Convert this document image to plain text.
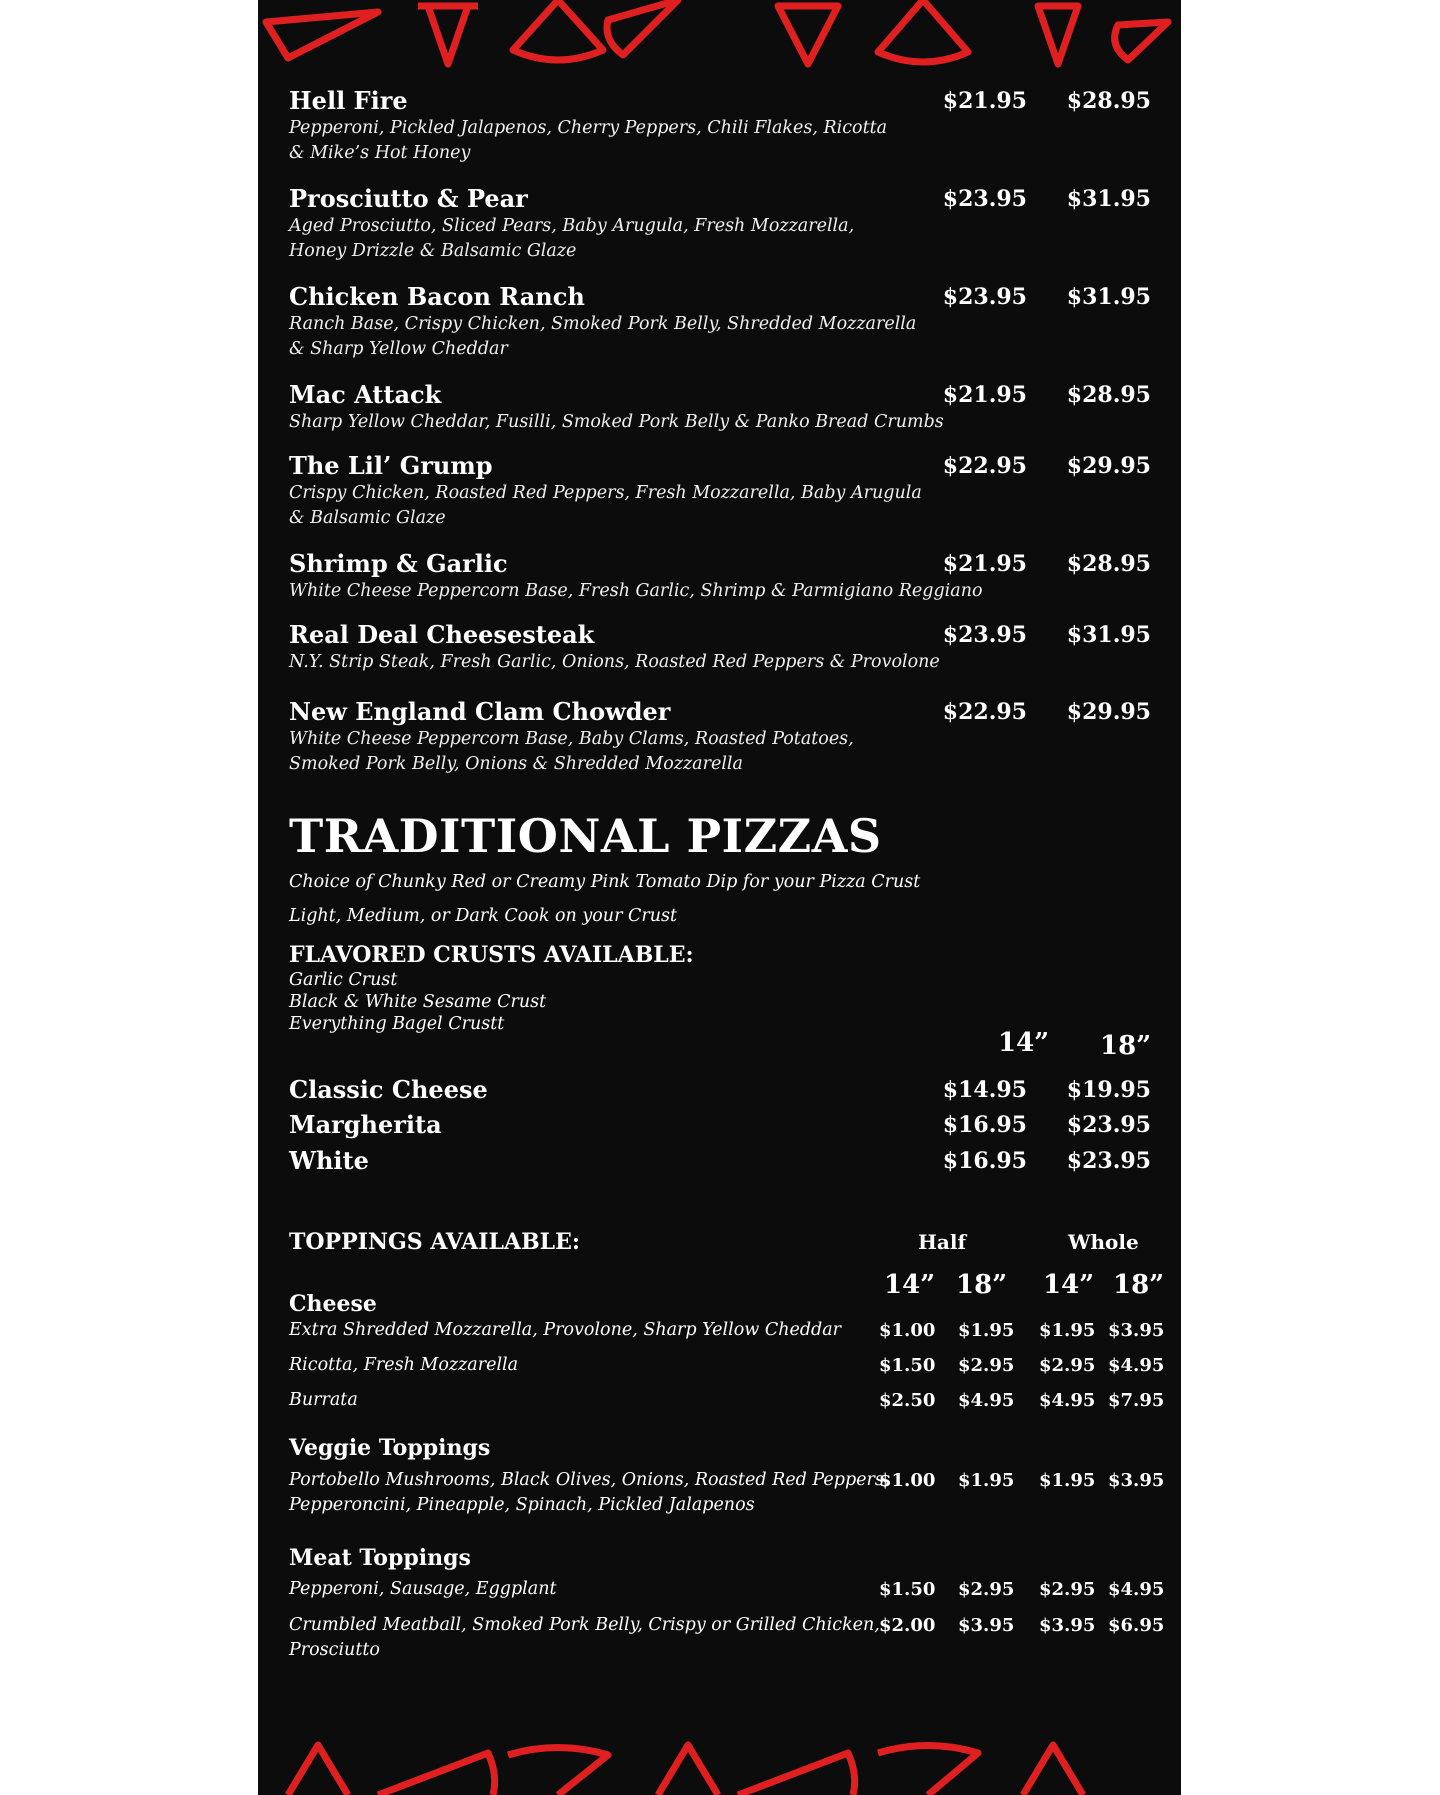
Hell Fire
Pepperoni, Pickled Jalapenos, Cherry Peppers, Chili Flakes, Ricotta
& Mike’s Hot Honey
$21.95 $28.95
Prosciutto & Pear
Aged Prosciutto, Sliced Pears, Baby Arugula, Fresh Mozzarella,
Honey Drizzle & Balsamic Glaze
$23.95 $31.95
Chicken Bacon Ranch
Ranch Base, Crispy Chicken, Smoked Pork Belly, Shredded Mozzarella
& Sharp Yellow Cheddar
$23.95 $31.95
Mac Attack
Sharp Yellow Cheddar, Fusilli, Smoked Pork Belly & Panko Bread Crumbs
$21.95 $28.95
The Lil’ Grump
Crispy Chicken, Roasted Red Peppers, Fresh Mozzarella, Baby Arugula
& Balsamic Glaze
$22.95 $29.95
Shrimp & Garlic
White Cheese Peppercorn Base, Fresh Garlic, Shrimp & Parmigiano Reggiano
$21.95 $28.95
Real Deal Cheesesteak
N.Y. Strip Steak, Fresh Garlic, Onions, Roasted Red Peppers & Provolone
$23.95 $31.95
New England Clam Chowder
White Cheese Peppercorn Base, Baby Clams, Roasted Potatoes,
Smoked Pork Belly, Onions & Shredded Mozzarella
$22.95 $29.95
TRADITIONAL PIZZAS
Choice of Chunky Red or Creamy Pink Tomato Dip for your Pizza Crust
Light, Medium, or Dark Cook on your Crust
FLAVORED CRUSTS AVAILABLE:
Garlic Crust
Black & White Sesame Crust
Everything Bagel Crustt
14” 18”
Classic Cheese	$14.95 $19.95
Margherita	$16.95 $23.95
White	$16.95 $23.95
TOPPINGS AVAILABLE:	Half	Whole
14” 18” 14” 18”
Cheese
Extra Shredded Mozzarella, Provolone, Sharp Yellow Cheddar	$1.00 $1.95 $1.95 $3.95
Ricotta, Fresh Mozzarella	$1.50 $2.95 $2.95 $4.95
Burrata	$2.50 $4.95 $4.95 $7.95
Veggie Toppings
Portobello Mushrooms, Black Olives, Onions, Roasted Red Peppers,
Pepperoncini, Pineapple, Spinach, Pickled Jalapenos
$1.00 $1.95 $1.95 $3.95
Meat Toppings
Pepperoni, Sausage, Eggplant	$1.50 $2.95 $2.95 $4.95
Crumbled Meatball, Smoked Pork Belly, Crispy or Grilled Chicken,
Prosciutto
$2.00 $3.95 $3.95 $6.95
